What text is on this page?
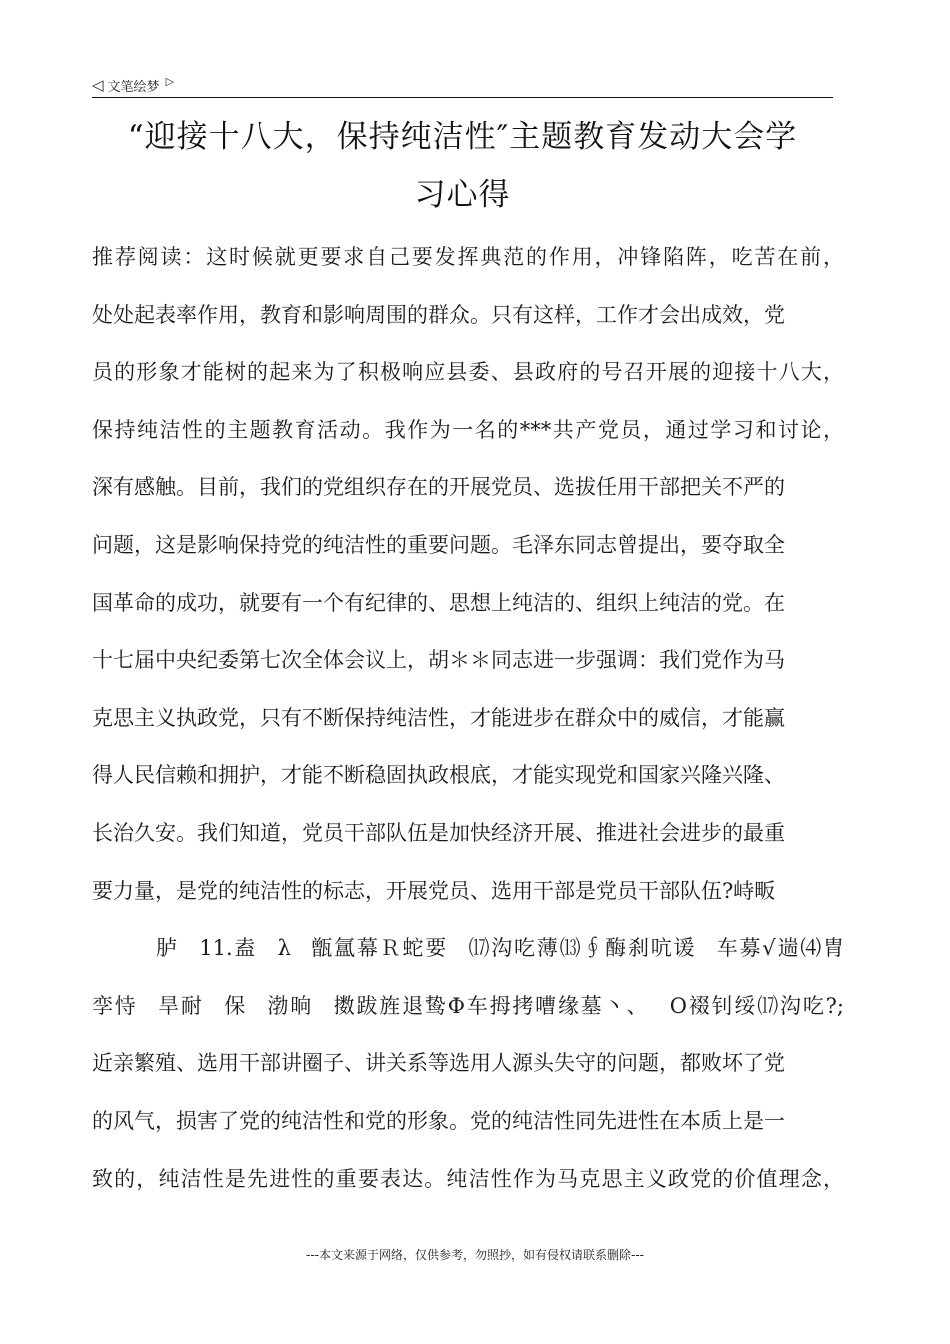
◁ 文笔绘梦 ▷
“迎接十八大，保持纯洁性″主题教育发动大会学
习心得
推荐阅读：这时候就更要求自己要发挥典范的作用，冲锋陷阵，吃苦在前，
处处起表率作用，教育和影响周围的群众。只有这样，工作才会出成效，党
员的形象才能树的起来为了积极响应县委、县政府的号召开展的迎接十八大，
保持纯洁性的主题教育活动。我作为一名的***共产党员，通过学习和讨论，
深有感触。目前，我们的党组织存在的开展党员、选拔任用干部把关不严的
问题，这是影响保持党的纯洁性的重要问题。毛泽东同志曾提出，要夺取全
国革命的成功，就要有一个有纪律的、思想上纯洁的、组织上纯洁的党。在
十七届中央纪委第七次全体会议上，胡＊＊同志进一步强调：我们党作为马
克思主义执政党，只有不断保持纯洁性，才能进步在群众中的威信，才能赢
得人民信赖和拥护，才能不断稳固执政根底，才能实现党和国家兴隆兴隆、
长治久安。我们知道，党员干部队伍是加快经济开展、推进社会进步的最重
要力量，是党的纯洁性的标志，开展党员、选用干部是党员干部队伍?峙畈
胪 11.盍 λ 甑氲幕Ｒ蛇要 ⒄沟吃薄⒀∮酶刹吭谖 车募√遄⑷胄
孪恃 旱耐 保 渤晌 擞跋旌退鸷Φ车拇拷嘈缘墓丶、 O裰钊绥⒄沟吃?;
近亲繁殖、选用干部讲圈子、讲关系等选用人源头失守的问题，都败坏了党
的风气，损害了党的纯洁性和党的形象。党的纯洁性同先进性在本质上是一
致的，纯洁性是先进性的重要表达。纯洁性作为马克思主义政党的价值理念，
---本文来源于网络，仅供参考，勿照抄，如有侵权请联系删除---
